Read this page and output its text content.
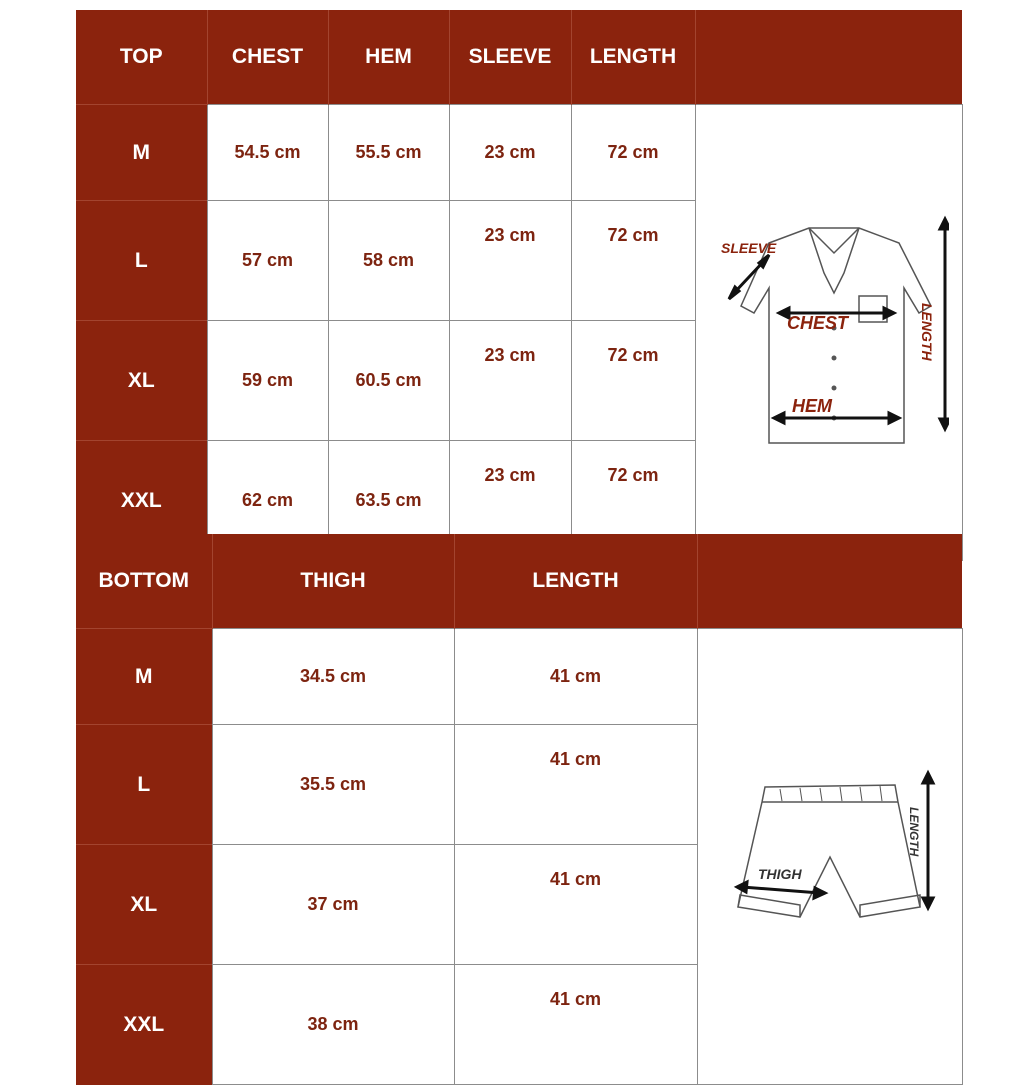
TOP	CHEST	HEM	SLEEVE	LENGTH	
M	54.5 cm	55.5 cm	23 cm	72 cm	SLEEVE
CHEST
HEM
LENGTH

L	57 cm	58 cm	23 cm	72 cm	
XL	59 cm	60.5 cm	23 cm	72 cm	
XXL	62 cm	63.5 cm	23 cm	72 cm	
BOTTOM	THIGH	LENGTH	
M	34.5 cm	41 cm	THIGH
LENGTH

L	35.5 cm	41 cm	
XL	37 cm	41 cm	
XXL	38 cm	41 cm	
